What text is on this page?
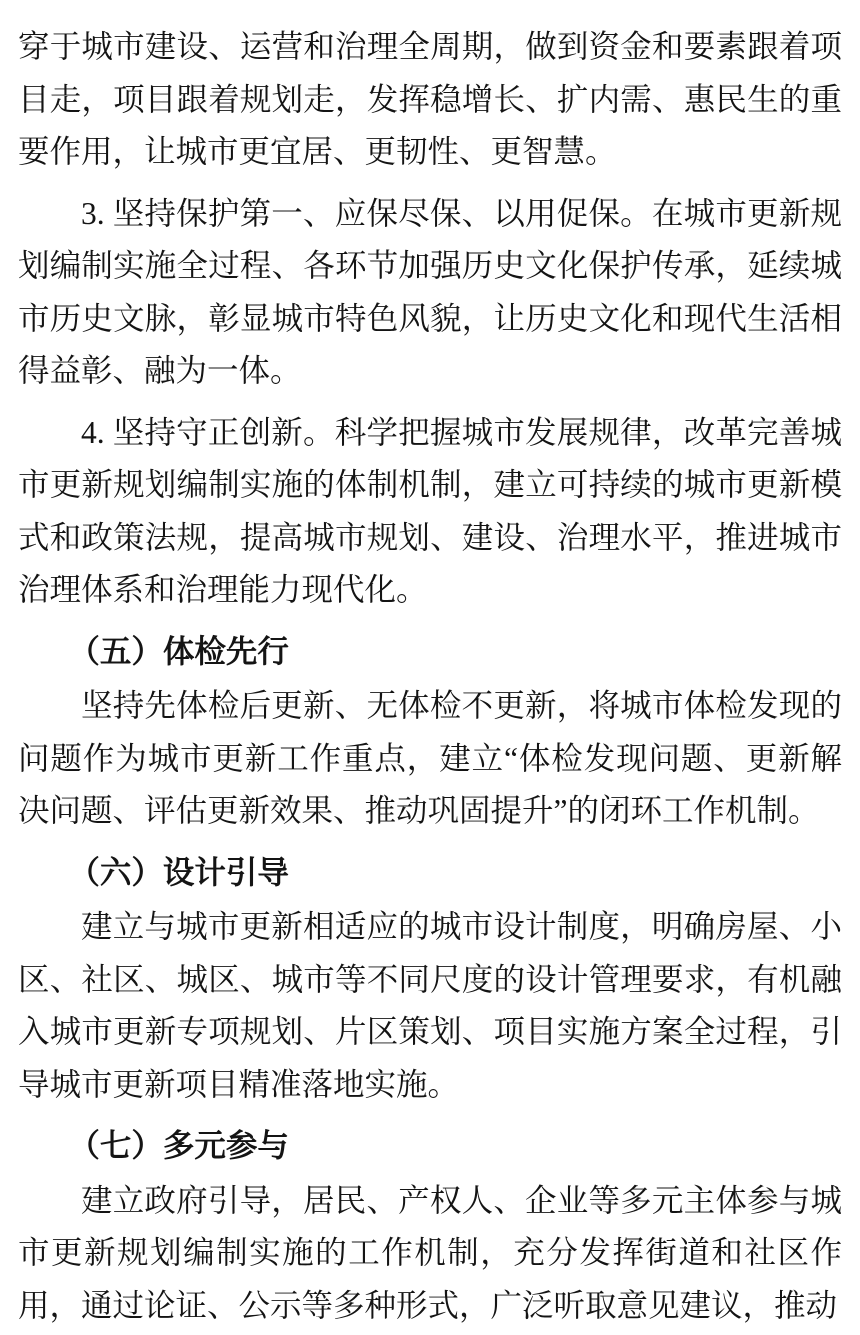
穿于城市建设、运营和治理全周期，做到资金和要素跟着项目走，项目跟着规划走，发挥稳增长、扩内需、惠民生的重要作用，让城市更宜居、更韧性、更智慧。

3. 坚持保护第一、应保尽保、以用促保。在城市更新规划编制实施全过程、各环节加强历史文化保护传承，延续城市历史文脉，彰显城市特色风貌，让历史文化和现代生活相得益彰、融为一体。

4. 坚持守正创新。科学把握城市发展规律，改革完善城市更新规划编制实施的体制机制，建立可持续的城市更新模式和政策法规，提高城市规划、建设、治理水平，推进城市治理体系和治理能力现代化。

（五）体检先行

坚持先体检后更新、无体检不更新，将城市体检发现的问题作为城市更新工作重点，建立“体检发现问题、更新解决问题、评估更新效果、推动巩固提升”的闭环工作机制。

（六）设计引导

建立与城市更新相适应的城市设计制度，明确房屋、小区、社区、城区、城市等不同尺度的设计管理要求，有机融入城市更新专项规划、片区策划、项目实施方案全过程，引导城市更新项目精准落地实施。

（七）多元参与

建立政府引导，居民、产权人、企业等多元主体参与城市更新规划编制实施的工作机制，充分发挥街道和社区作用，通过论证、公示等多种形式，广泛听取意见建议，推动
